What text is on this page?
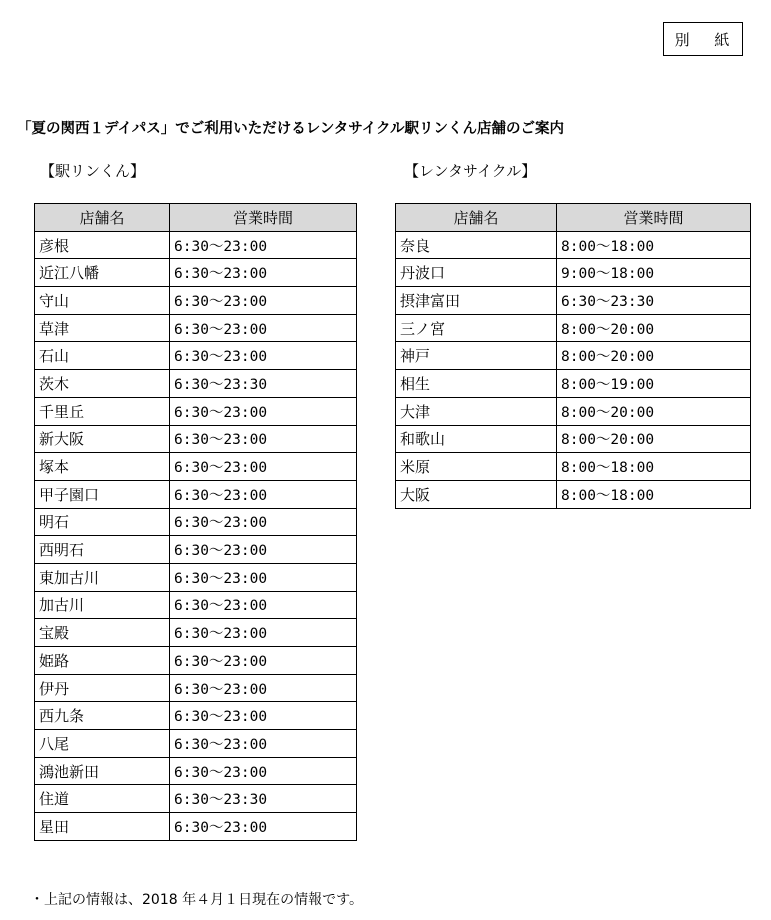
別 紙
「夏の関西１デイパス」でご利用いただけるレンタサイクル駅リンくん店舗のご案内
【駅リンくん】	【レンタサイクル】
店舗名	営業時間
彦根	6:30～23:00
近江八幡	6:30～23:00
守山	6:30～23:00
草津	6:30～23:00
石山	6:30～23:00
茨木	6:30～23:30
千里丘	6:30～23:00
新大阪	6:30～23:00
塚本	6:30～23:00
甲子園口	6:30～23:00
明石	6:30～23:00
西明石	6:30～23:00
東加古川	6:30～23:00
加古川	6:30～23:00
宝殿	6:30～23:00
姫路	6:30～23:00
伊丹	6:30～23:00
西九条	6:30～23:00
八尾	6:30～23:00
鴻池新田	6:30～23:00
住道	6:30～23:30
星田	6:30～23:00
店舗名	営業時間
奈良	8:00～18:00
丹波口	9:00～18:00
摂津富田	6:30～23:30
三ノ宮	8:00～20:00
神戸	8:00～20:00
相生	8:00～19:00
大津	8:00～20:00
和歌山	8:00～20:00
米原	8:00～18:00
大阪	8:00～18:00
・上記の情報は、2018 年４月１日現在の情報です。
